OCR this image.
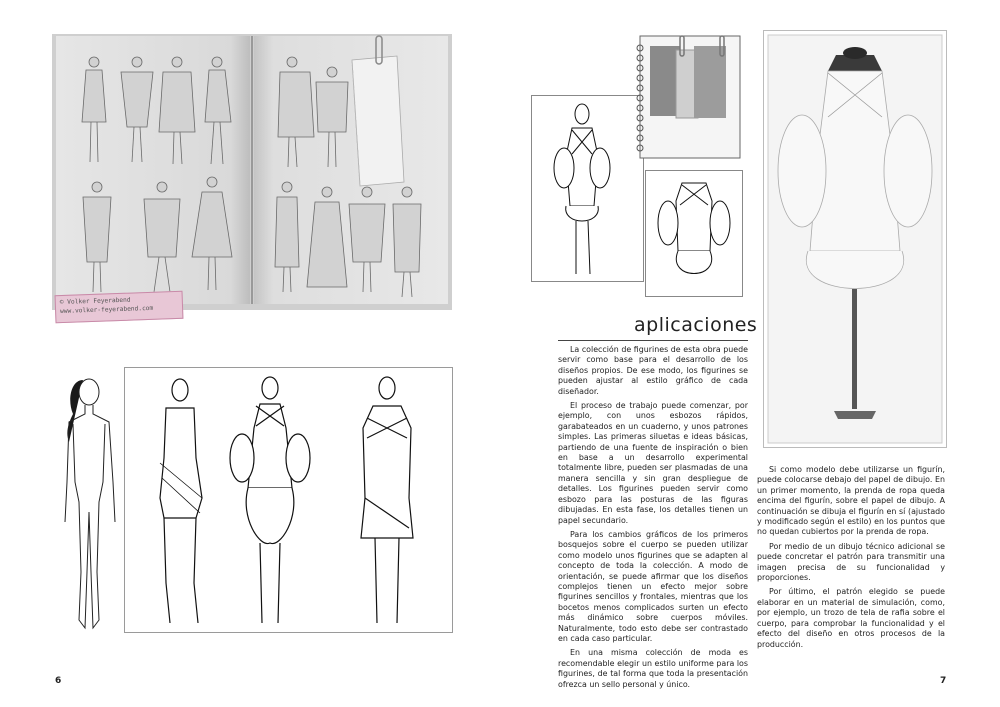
© Volker Feyerabend
www.volker-feyerabend.com
6
aplicaciones

La colección de figurines de esta obra puede servir como base para el desarrollo de los diseños propios. De ese modo, los figurines se pueden ajustar al estilo gráfico de cada diseñador.

El proceso de trabajo puede comenzar, por ejemplo, con unos esbozos rápidos, garabateados en un cuaderno, y unos patrones simples. Las primeras siluetas e ideas básicas, partiendo de una fuente de inspiración o bien en base a un desarrollo experimental totalmente libre, pueden ser plasmadas de una manera sencilla y sin gran despliegue de detalles. Los figurines pueden servir como esbozo para las posturas de las figuras dibujadas. En esta fase, los detalles tienen un papel secundario.

Para los cambios gráficos de los primeros bosquejos sobre el cuerpo se pueden utilizar como modelo unos figurines que se adapten al concepto de toda la colección. A modo de orientación, se puede afirmar que los diseños complejos tienen un efecto mejor sobre figurines sencillos y frontales, mientras que los bocetos menos complicados surten un efecto más dinámico sobre cuerpos móviles. Naturalmente, todo esto debe ser contrastado en cada caso particular.

En una misma colección de moda es recomendable elegir un estilo uniforme para los figurines, de tal forma que toda la presentación ofrezca un sello personal y único.

Si como modelo debe utilizarse un figurín, puede colocarse debajo del papel de dibujo. En un primer momento, la prenda de ropa queda encima del figurín, sobre el papel de dibujo. A continuación se dibuja el figurín en sí (ajustado y modificado según el estilo) en los puntos que no quedan cubiertos por la prenda de ropa.

Por medio de un dibujo técnico adicional se puede concretar el patrón para transmitir una imagen precisa de su funcionalidad y proporciones.

Por último, el patrón elegido se puede elaborar en un material de simulación, como, por ejemplo, un trozo de tela de rafia sobre el cuerpo, para comprobar la funcionalidad y el efecto del diseño en otros procesos de la producción.

7
